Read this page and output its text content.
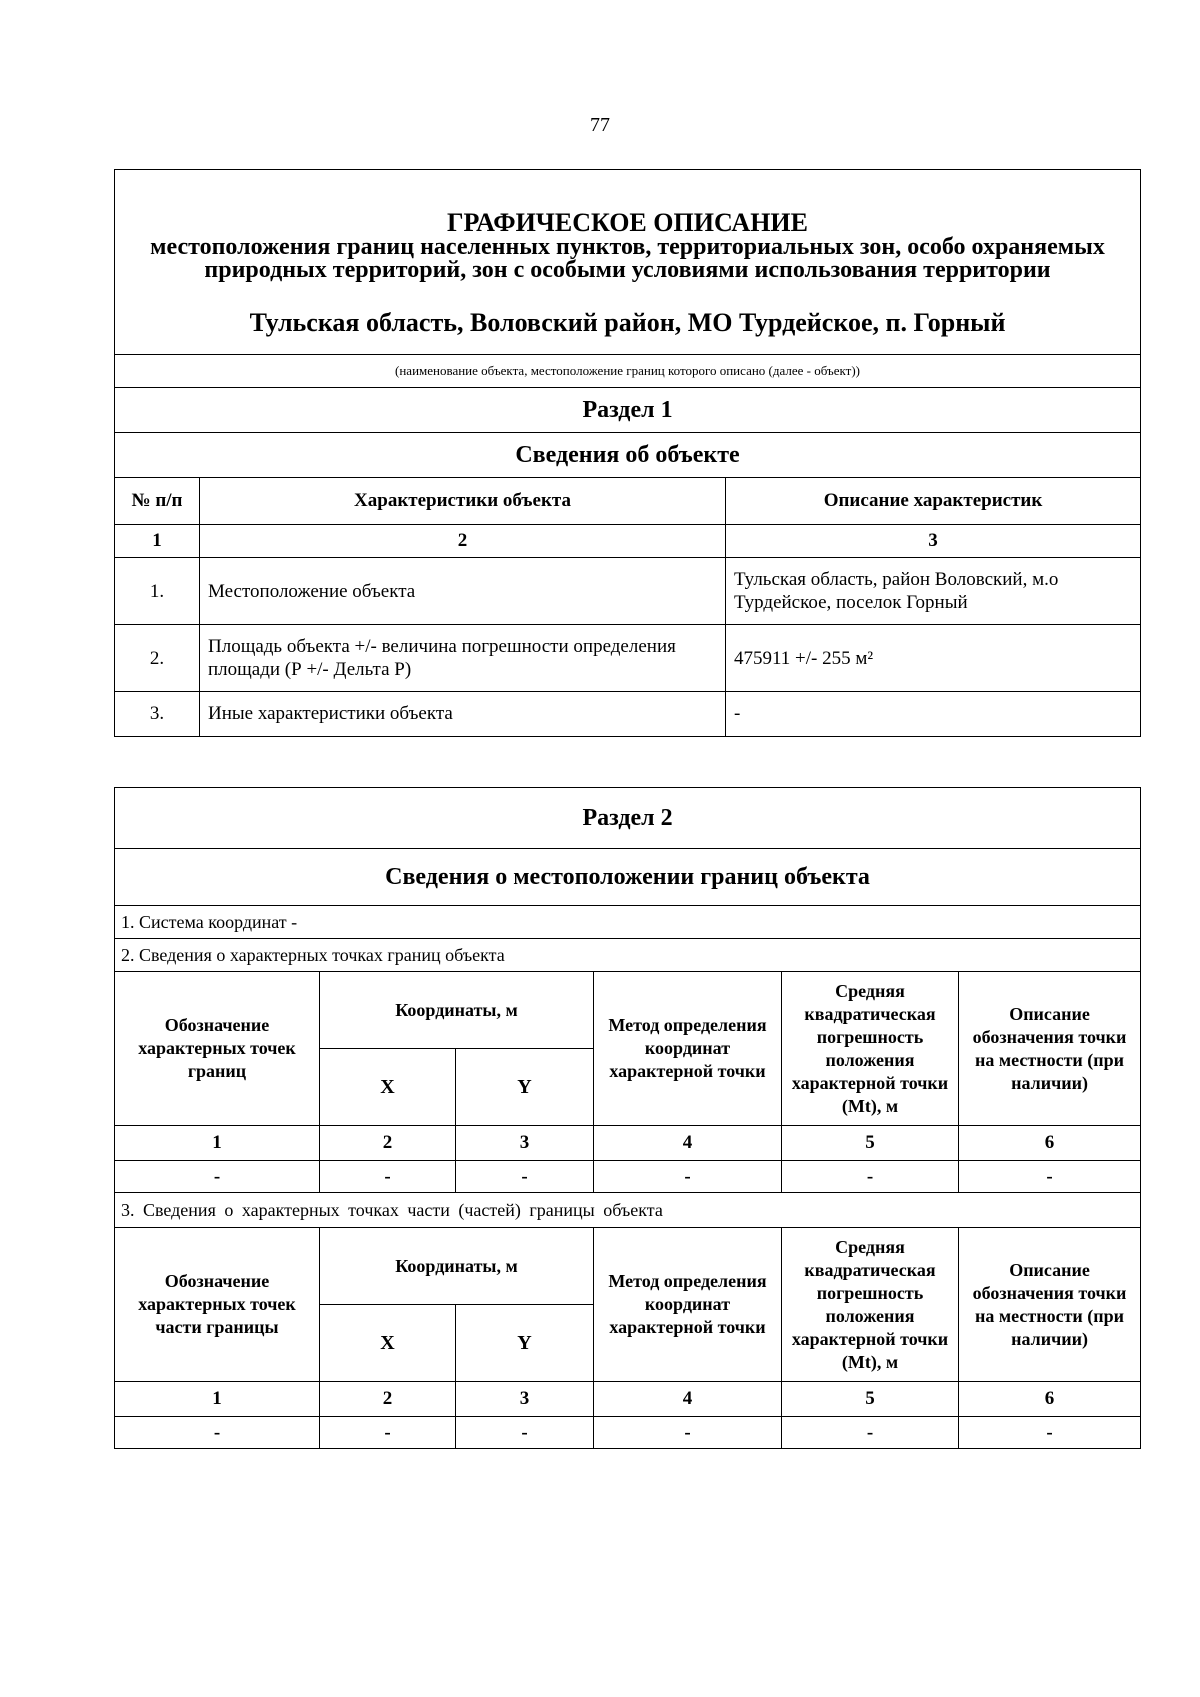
77
ГРАФИЧЕСКОЕ ОПИСАНИЕ
местоположения границ населенных пунктов, территориальных зон, особо охраняемых природных территорий, зон с особыми условиями использования территории
Тульская область, Воловский район, МО Турдейское, п. Горный		

(наименование объекта, местоположение границ которого описано (далее - объект))		
Раздел 1		
Сведения об объекте		
№ п/п	Характеристики объекта	Описание характеристик
1	2	3
1.	Местоположение объекта	Тульская область, район Воловский, м.о Турдейское, поселок Горный
2.	Площадь объекта +/- величина погрешности определения площади (Р +/- Дельта Р)	475911 +/- 255 м²
3.	Иные характеристики объекта	-
Раздел 2					
Сведения о местоположении границ объекта					
1. Система координат -					
2. Сведения о характерных точках границ объекта					
Обозначение характерных точек границ	Координаты, м		Метод определения координат характерной точки	Средняя квадратическая погрешность положения характерной точки (Мt), м	Описание обозначения точки на местности (при наличии)
	X	Y			
1	2	3	4	5	6
-	-	-	-	-	-
3. Сведения о характерных точках части (частей) границы объекта					
Обозначение характерных точек части границы	Координаты, м		Метод определения координат характерной точки	Средняя квадратическая погрешность положения характерной точки (Мt), м	Описание обозначения точки на местности (при наличии)
	X	Y			
1	2	3	4	5	6
-	-	-	-	-	-
